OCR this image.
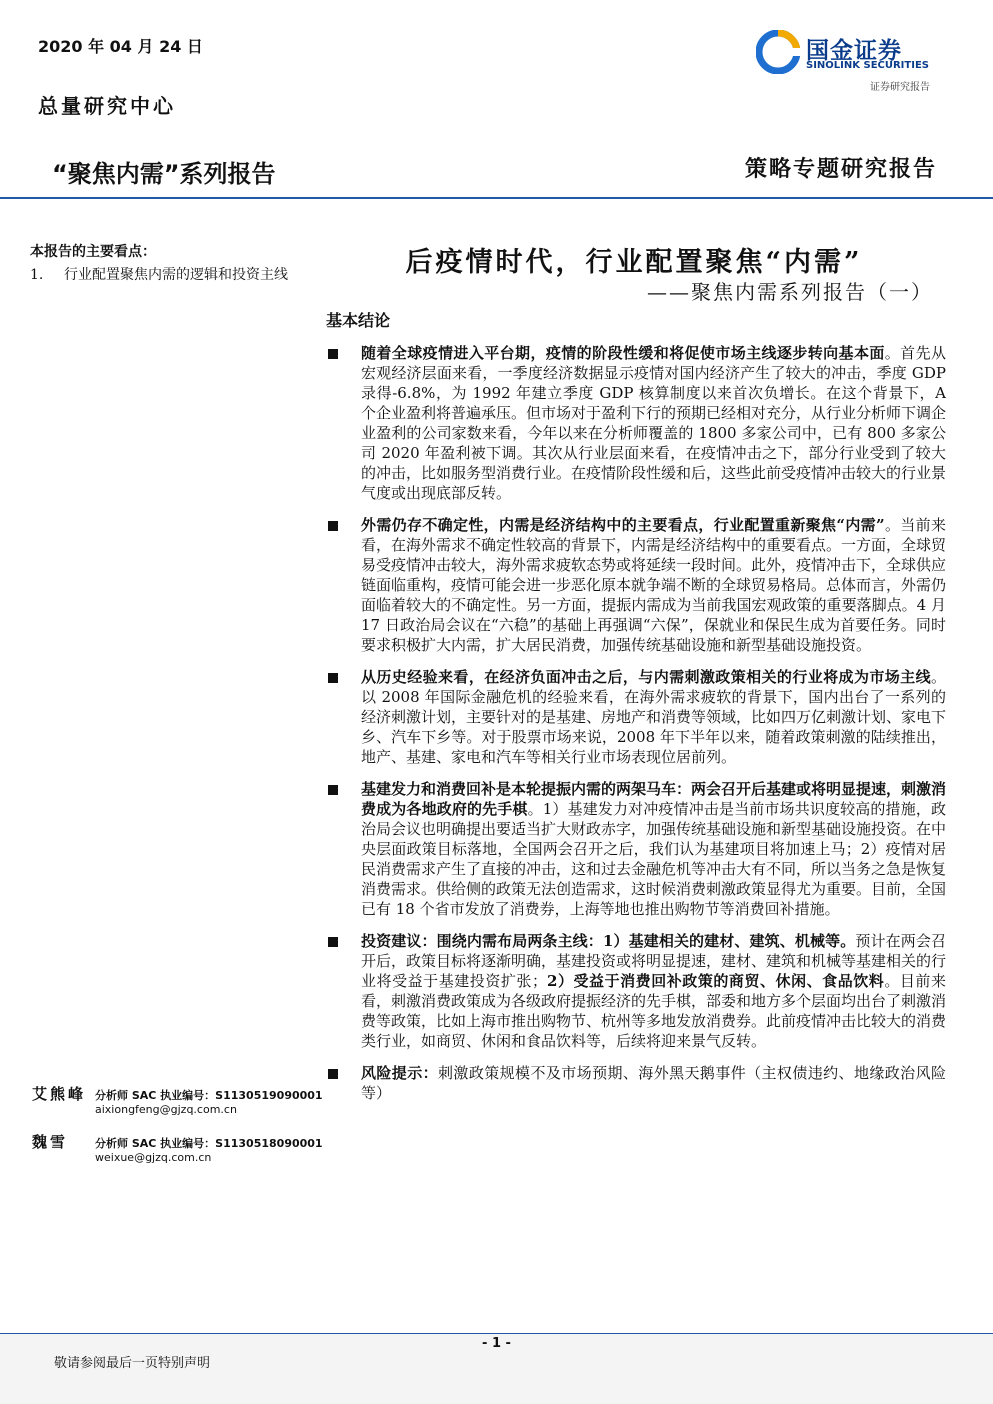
2020 年 04 月 24 日
总量研究中心
“聚焦内需”系列报告	策略专题研究报告
国金证券
SINOLINK SECURITIES
证券研究报告
本报告的主要看点：
1.	行业配置聚焦内需的逻辑和投资主线	后疫情时代，行业配置聚焦“内需”
——聚焦内需系列报告（一）
基本结论
随着全球疫情进入平台期，疫情的阶段性缓和将促使市场主线逐步转向基本面。首先从宏观经济层面来看，一季度经济数据显示疫情对国内经济产生了较大的冲击，季度 GDP 录得-6.8%，为 1992 年建立季度 GDP 核算制度以来首次负增长。在这个背景下，A 个企业盈利将普遍承压。但市场对于盈利下行的预期已经相对充分，从行业分析师下调企业盈利的公司家数来看，今年以来在分析师覆盖的 1800 多家公司中，已有 800 多家公司 2020 年盈利被下调。其次从行业层面来看，在疫情冲击之下，部分行业受到了较大的冲击，比如服务型消费行业。在疫情阶段性缓和后，这些此前受疫情冲击较大的行业景气度或出现底部反转。
外需仍存不确定性，内需是经济结构中的主要看点，行业配置重新聚焦“内需”。当前来看，在海外需求不确定性较高的背景下，内需是经济结构中的重要看点。一方面，全球贸易受疫情冲击较大，海外需求疲软态势或将延续一段时间。此外，疫情冲击下，全球供应链面临重构，疫情可能会进一步恶化原本就争端不断的全球贸易格局。总体而言，外需仍面临着较大的不确定性。另一方面，提振内需成为当前我国宏观政策的重要落脚点。4 月 17 日政治局会议在“六稳”的基础上再强调“六保”，保就业和保民生成为首要任务。同时要求积极扩大内需，扩大居民消费，加强传统基础设施和新型基础设施投资。
从历史经验来看，在经济负面冲击之后，与内需刺激政策相关的行业将成为市场主线。以 2008 年国际金融危机的经验来看，在海外需求疲软的背景下，国内出台了一系列的经济刺激计划，主要针对的是基建、房地产和消费等领域，比如四万亿刺激计划、家电下乡、汽车下乡等。对于股票市场来说，2008 年下半年以来，随着政策刺激的陆续推出，地产、基建、家电和汽车等相关行业市场表现位居前列。
基建发力和消费回补是本轮提振内需的两架马车：两会召开后基建或将明显提速，刺激消费成为各地政府的先手棋。1）基建发力对冲疫情冲击是当前市场共识度较高的措施，政治局会议也明确提出要适当扩大财政赤字，加强传统基础设施和新型基础设施投资。在中央层面政策目标落地，全国两会召开之后，我们认为基建项目将加速上马；2）疫情对居民消费需求产生了直接的冲击，这和过去金融危机等冲击大有不同，所以当务之急是恢复消费需求。供给侧的政策无法创造需求，这时候消费刺激政策显得尤为重要。目前，全国已有 18 个省市发放了消费券，上海等地也推出购物节等消费回补措施。
投资建议：围绕内需布局两条主线：1）基建相关的建材、建筑、机械等。预计在两会召开后，政策目标将逐渐明确，基建投资或将明显提速，建材、建筑和机械等基建相关的行业将受益于基建投资扩张；2）受益于消费回补政策的商贸、休闲、食品饮料。目前来看，刺激消费政策成为各级政府提振经济的先手棋，部委和地方多个层面均出台了刺激消费等政策，比如上海市推出购物节、杭州等多地发放消费券。此前疫情冲击比较大的消费类行业，如商贸、休闲和食品饮料等，后续将迎来景气反转。
风险提示：刺激政策规模不及市场预期、海外黑天鹅事件（主权债违约、地缘政治风险等）
艾熊峰 分析师 SAC 执业编号：S1130519090001
aixiongfeng@gjzq.com.cn
魏雪 分析师 SAC 执业编号：S1130518090001
weixue@gjzq.com.cn
- 1 -
敬请参阅最后一页特别声明
